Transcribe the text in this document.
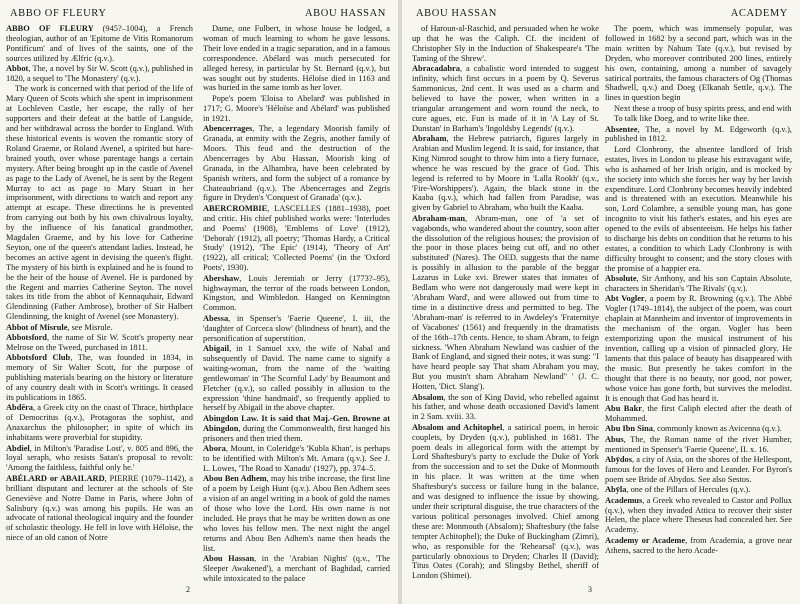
ABBO OF FLEURY	ABOU HASSAN

ABBO OF FLEURY (945?–1004), a French theologian, author of an 'Epitome de Vitis Romanorum Pontificum' and of lives of the saints, one of the sources utilized by Ælfric (q.v.).

Abbot, The, a novel by Sir W. Scott (q.v.), published in 1820, a sequel to 'The Monastery' (q.v.).

The work is concerned with that period of the life of Mary Queen of Scots which she spent in imprisonment at Lochleven Castle, her escape, the rally of her supporters and their defeat at the battle of Langside, and her withdrawal across the border to England. With these historical events is woven the romantic story of Roland Graeme, or Roland Avenel, a spirited but hare-brained youth, over whose parentage hangs a certain mystery. After being brought up in the castle of Avenel as page to the Lady of Avenel, he is sent by the Regent Murray to act as page to Mary Stuart in her imprisonment, with directions to watch and report any attempt at escape. These directions he is prevented from carrying out both by his own chivalrous loyalty, by the influence of his fanatical grandmother, Magdalen Graeme, and by his love for Catherine Seyton, one of the queen's attendant ladies. Instead, he becomes an active agent in devising the queen's flight. The mystery of his birth is explained and he is found to be the heir of the house of Avenel. He is pardoned by the Regent and marries Catherine Seyton. The novel takes its title from the abbot of Kennaquhair, Edward Glendinning (Father Ambrose), brother of Sir Halbert Glendinning, the knight of Avenel (see Monastery).

Abbot of Misrule, see Misrule.

Abbotsford, the name of Sir W. Scott's property near Melrose on the Tweed, purchased in 1811.

Abbotsford Club, The, was founded in 1834, in memory of Sir Walter Scott, for the purpose of publishing materials bearing on the history or literature of any country dealt with in Scott's writings. It ceased its publications in 1865.

Abdēra, a Greek city on the coast of Thrace, birthplace of Democritus (q.v.), Protagoras the sophist, and Anaxarchus the philosopher; in spite of which its inhabitants were proverbial for stupidity.

Abdiel, in Milton's 'Paradise Lost', v. 805 and 896, the loyal seraph, who resists Satan's proposal to revolt: 'Among the faithless, faithful only he.'

ABÉLARD or ABAILARD, PIERRE (1079–1142), a brilliant disputant and lecturer at the schools of Ste Geneviève and Notre Dame in Paris, where John of Salisbury (q.v.) was among his pupils. He was an advocate of rational theological inquiry and the founder of scholastic theology. He fell in love with Héloïse, the niece of an old canon of Notre

Dame, one Fulbert, in whose house he lodged, a woman of much learning to whom he gave lessons. Their love ended in a tragic separation, and in a famous correspondence. Abélard was much persecuted for alleged heresy, in particular by St. Bernard (q.v.), but was sought out by students. Héloïse died in 1163 and was buried in the same tomb as her lover.

Pope's poem 'Eloisa to Abelard' was published in 1717; G. Moore's 'Héloïse and Abélard' was published in 1921.

Abencerrages, The, a legendary Moorish family of Granada, at enmity with the Zegris, another family of Moors. This feud and the destruction of the Abencerrages by Abu Hassan, Moorish king of Granada, in the Alhambra, have been celebrated by Spanish writers, and form the subject of a romance by Chateaubriand (q.v.). The Abencerrages and Zegris figure in Dryden's 'Conquest of Granada' (q.v.).

ABERCROMBIE, LASCELLES (1881–1938), poet and critic. His chief published works were: 'Interludes and Poems' (1908), 'Emblems of Love' (1912), 'Deborah' (1912), all poetry; 'Thomas Hardy, a Critical Study' (1912), 'The Epic' (1914), 'Theory of Art' (1922), all critical; 'Collected Poems' (in the 'Oxford Poets', 1930).

Abershaw, Louis Jeremiah or Jerry (1773?–95), highwayman, the terror of the roads between London, Kingston, and Wimbledon. Hanged on Kennington Common.

Abessa, in Spenser's 'Faerie Queene', I. iii, the 'daughter of Corceca slow' (blindness of heart), and the personification of superstition.

Abigail, in 1 Samuel xxv, the wife of Nabal and subsequently of David. The name came to signify a waiting-woman, from the name of the 'waiting gentlewoman' in 'The Scornful Lady' by Beaumont and Fletcher (q.v.), so called possibly in allusion to the expression 'thine handmaid', so frequently applied to herself by Abigail in the above chapter.

Abingdon Law. It is said that Maj.-Gen. Browne at Abingdon, during the Commonwealth, first hanged his prisoners and then tried them.

Abora, Mount, in Coleridge's 'Kubla Khan', is perhaps to be identified with Milton's Mt. Amara (q.v.). See J. L. Lowes, 'The Road to Xanadu' (1927), pp. 374–5.

Abou Ben Adhem, may his tribe increase, the first line of a poem by Leigh Hunt (q.v.). Abou Ben Adhem sees a vision of an angel writing in a book of gold the names of those who love the Lord. His own name is not included. He prays that he may be written down as one who loves his fellow men. The next night the angel returns and Abou Ben Adhem's name then heads the list.

Abou Hassan, in the 'Arabian Nights' (q.v., 'The Sleeper Awakened'), a merchant of Baghdad, carried while intoxicated to the palace

2
ABOU HASSAN	ACADEMY

of Haroun-al-Raschid, and persuaded when he woke up that he was the Caliph. Cf. the incident of Christopher Sly in the Induction of Shakespeare's 'The Taming of the Shrew'.

Abracadabra, a cabalistic word intended to suggest infinity, which first occurs in a poem by Q. Severus Sammonicus, 2nd cent. It was used as a charm and believed to have the power, when written in a triangular arrangement and worn round the neck, to cure agues, etc. Fun is made of it in 'A Lay of St. Dunstan' in Barham's 'Ingoldsby Legends' (q.v.).

Abraham, the Hebrew patriarch, figures largely in Arabian and Muslim legend. It is said, for instance, that King Nimrod sought to throw him into a fiery furnace, whence he was rescued by the grace of God. This legend is referred to by Moore in 'Lalla Rookh' (q.v., 'Fire-Worshippers'). Again, the black stone in the Kaaba (q.v.), which had fallen from Paradise, was given by Gabriel to Abraham, who built the Kaaba.

Abraham-man, Abram-man, one of 'a set of vagabonds, who wandered about the country, soon after the dissolution of the religious houses; the provision of the poor in those places being cut off, and no other substituted' (Nares). The OED. suggests that the name is possibly in allusion to the parable of the beggar Lazarus in Luke xvi. Brewer states that inmates of Bedlam who were not dangerously mad were kept in 'Abraham Ward', and were allowed out from time to time in a distinctive dress and permitted to beg. The 'Abraham-man' is referred to in Awdeley's 'Fraternitye of Vacabones' (1561) and frequently in the dramatists of the 16th–17th cents. Hence, to sham Abram, to feign sickness. 'When Abraham Newland was cashier of the Bank of England, and signed their notes, it was sung: "I have heard people say That sham Abraham you may, But you mustn't sham Abraham Newland" ' (J. C. Hotten, 'Dict. Slang').

Absalom, the son of King David, who rebelled against his father, and whose death occasioned David's lament in 2 Sam. xviii. 33.

Absalom and Achitophel, a satirical poem, in heroic couplets, by Dryden (q.v.), published in 1681. The poem deals in allegorical form with the attempt by Lord Shaftesbury's party to exclude the Duke of York from the succession and to set the Duke of Monmouth in his place. It was written at the time when Shaftesbury's success or failure hung in the balance, and was designed to influence the issue by showing, under their scriptural disguise, the true characters of the various political personages involved. Chief among these are: Monmouth (Absalom); Shaftesbury (the false tempter Achitophel); the Duke of Buckingham (Zimri), who, as responsible for the 'Rehearsal' (q.v.), was particularly obnoxious to Dryden; Charles II (David); Titus Oates (Corah); and Slingsby Bethel, sheriff of London (Shimei).

The poem, which was immensely popular, was followed in 1682 by a second part, which was in the main written by Nahum Tate (q.v.), but revised by Dryden, who moreover contributed 200 lines, entirely his own, containing, among a number of savagely satirical portraits, the famous characters of Og (Thomas Shadwell, q.v.) and Doeg (Elkanah Settle, q.v.). The lines in question begin

Next these a troop of busy spirits press, and end with

To talk like Doeg, and to write like thee.

Absentee, The, a novel by M. Edgeworth (q.v.), published in 1812.

Lord Clonbrony, the absentee landlord of Irish estates, lives in London to please his extravagant wife, who is ashamed of her Irish origin, and is mocked by the society into which she forces her way by her lavish expenditure. Lord Clonbrony becomes heavily indebted and is threatened with an execution. Meanwhile his son, Lord Colambre, a sensible young man, has gone incognito to visit his father's estates, and his eyes are opened to the evils of absenteeism. He helps his father to discharge his debts on condition that he returns to his estates, a condition to which Lady Clonbrony is with difficulty brought to consent; and the story closes with the promise of a happier era.

Absolute, Sir Anthony, and his son Captain Absolute, characters in Sheridan's 'The Rivals' (q.v.).

Abt Vogler, a poem by R. Browning (q.v.). The Abbé Vogler (1749–1814), the subject of the poem, was court chaplain at Mannheim and inventor of improvements in the mechanism of the organ. Vogler has been extemporizing upon the musical instrument of his invention, calling up a vision of pinnacled glory. He laments that this palace of beauty has disappeared with the music. But presently he takes comfort in the thought that there is no beauty, nor good, nor power, whose voice has gone forth, but survives the melodist. It is enough that God has heard it.

Abu Bakr, the first Caliph elected after the death of Mohammed.

Abu Ibn Sina, commonly known as Avicenna (q.v.).

Abus, The, the Roman name of the river Humber, mentioned in Spenser's 'Faerie Queene', II. x. 16.

Abȳdos, a city of Asia, on the shores of the Hellespont, famous for the loves of Hero and Leander. For Byron's poem see Bride of Abydos. See also Sestos.

Abȳla, one of the Pillars of Hercules (q.v.).

Academus, a Greek who revealed to Castor and Pollux (q.v.), when they invaded Attica to recover their sister Helen, the place where Theseus had concealed her. See Academy.

Academy or Academe, from Academia, a grove near Athens, sacred to the hero Acade-

3
